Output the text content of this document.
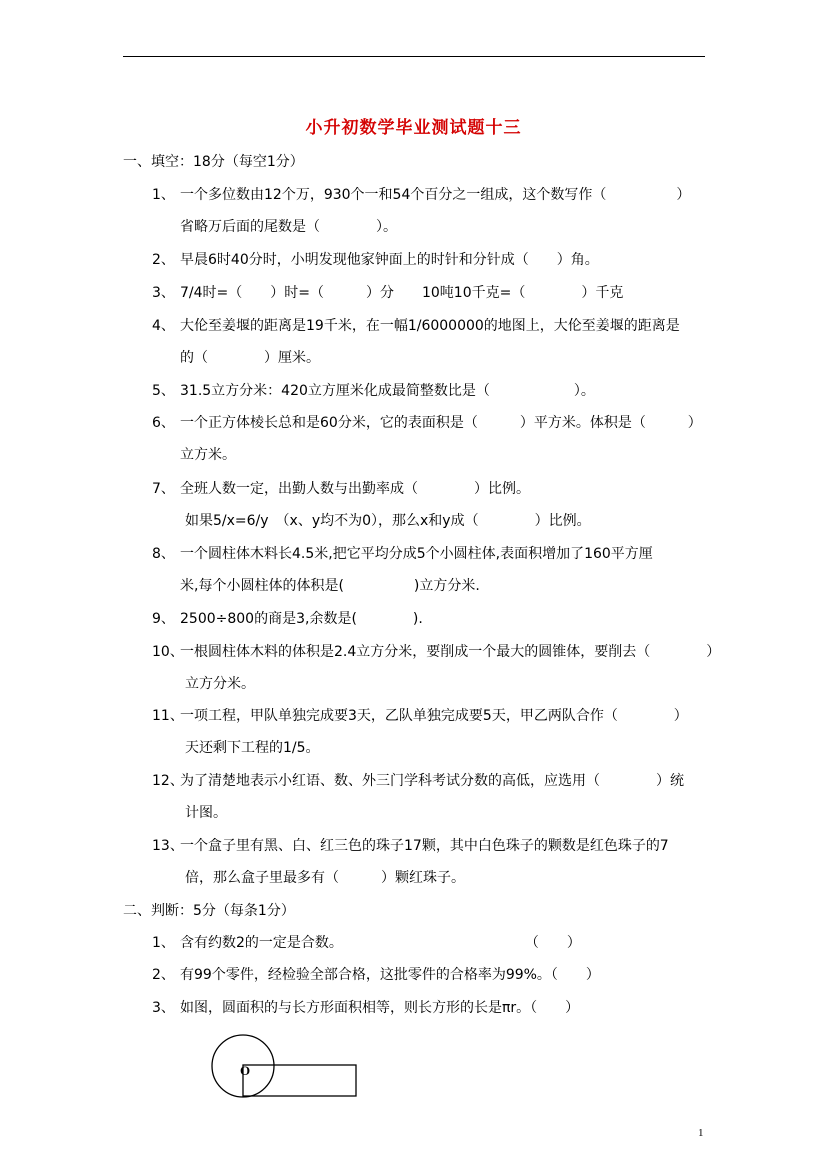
小升初数学毕业测试题十三
一、填空：18分（每空1分）
1、 一个多位数由12个万，930个一和54个百分之一组成，这个数写作（　　　　　）
省略万后面的尾数是（　　　　）。
2、 早晨6时40分时，小明发现他家钟面上的时针和分针成（　　）角。
3、 7/4时=（　　）时=（　　　）分　　10吨10千克=（　　　　）千克
4、 大伦至姜堰的距离是19千米，在一幅1/6000000的地图上，大伦至姜堰的距离是
的（　　　　）厘米。
5、 31.5立方分米：420立方厘米化成最简整数比是（　　　　　　）。
6、 一个正方体棱长总和是60分米，它的表面积是（　　　）平方米。体积是（　　　）
立方米。
7、 全班人数一定，出勤人数与出勤率成（　　　　）比例。
如果5/x=6/y　（x、y均不为0），那么x和y成（　　　　）比例。
8、 一个圆柱体木料长4.5米,把它平均分成5个小圆柱体,表面积增加了160平方厘
米,每个小圆柱体的体积是(　　　　　)立方分米.
9、 2500÷800的商是3,余数是(　　　　).
10、
一根圆柱体木料的体积是2.4立方分米，要削成一个最大的圆锥体，要削去（　　　　）
立方分米。
11、
一项工程，甲队单独完成要3天，乙队单独完成要5天，甲乙两队合作（　　　　）
天还剩下工程的1/5。
12、
为了清楚地表示小红语、数、外三门学科考试分数的高低，应选用（　　　　）统
计图。
13、
一个盒子里有黑、白、红三色的珠子17颗，其中白色珠子的颗数是红色珠子的7
倍，那么盒子里最多有（　　　）颗红珠子。
二、判断：5分（每条1分）
1、 含有约数2的一定是合数。　　　　　　　　　　　　　　（　　）
2、 有99个零件，经检验全部合格，这批零件的合格率为99%。（　　）
3、 如图，圆面积的与长方形面积相等，则长方形的长是πr。（　　）
O
1
